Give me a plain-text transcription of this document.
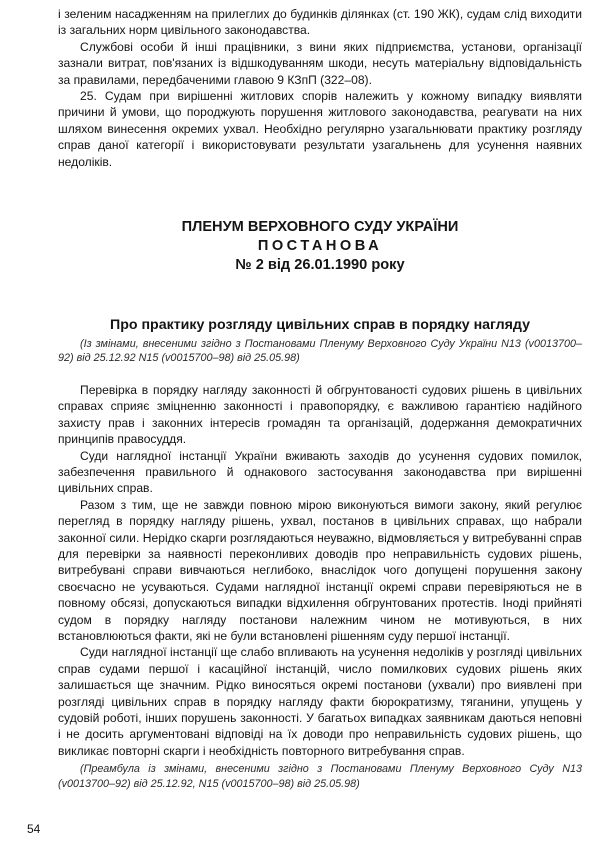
і зеленим насадженням на прилеглих до будинків ділянках (ст. 190 ЖК), судам слід виходити із загальних норм цивільного законодавства.

Службові особи й інші працівники, з вини яких підприємства, установи, організації зазнали витрат, пов'язаних із відшкодуванням шкоди, несуть матеріальну відповідальність за правилами, передбаченими главою 9 КЗпП (322–08).

25. Судам при вирішенні житлових спорів належить у кожному випадку виявляти причини й умови, що породжують порушення житлового законодавства, реагувати на них шляхом винесення окремих ухвал. Необхідно регулярно узагальнювати практику розгляду справ даної категорії і використовувати результати узагальнень для усунення наявних недоліків.

ПЛЕНУМ ВЕРХОВНОГО СУДУ УКРАЇНИ
ПОСТАНОВА
№ 2 від 26.01.1990 року
Про практику розгляду цивільних справ в порядку нагляду

(Із змінами, внесеними згідно з Постановами Пленуму Верховного Суду України N13 (v0013700–92) від 25.12.92 N15 (v0015700–98) від 25.05.98)

Перевірка в порядку нагляду законності й обгрунтованості судових рішень в цивільних справах сприяє зміцненню законності і правопорядку, є важливою гарантією надійного захисту прав і законних інтересів громадян та організацій, додержання демократичних принципів правосуддя.

Суди наглядної інстанції України вживають заходів до усунення судових помилок, забезпечення правильного й однакового застосування законодавства при вирішенні цивільних справ.

Разом з тим, ще не завжди повною мірою виконуються вимоги закону, який регулює перегляд в порядку нагляду рішень, ухвал, постанов в цивільних справах, що набрали законної сили. Нерідко скарги розглядаються неуважно, відмовляється у витребуванні справ для перевірки за наявності переконливих доводів про неправильність судових рішень, витребувані справи вивчаються неглибоко, внаслідок чого допущені порушення закону своєчасно не усуваються. Судами наглядної інстанції окремі справи перевіряються не в повному обсязі, допускаються випадки відхилення обгрунтованих протестів. Іноді прийняті судом в порядку нагляду постанови належним чином не мотивуються, в них встановлюються факти, які не були встановлені рішенням суду першої інстанції.

Суди наглядної інстанції ще слабо впливають на усунення недоліків у розгляді цивільних справ судами першої і касаційної інстанцій, число помилкових судових рішень яких залишається ще значним. Рідко виносяться окремі постанови (ухвали) про виявлені при розгляді цивільних справ в порядку нагляду факти бюрократизму, тяганини, упущень у судовій роботі, інших порушень законності. У багатьох випадках заявникам даються неповні і не досить аргументовані відповіді на їх доводи про неправильність судових рішень, що викликає повторні скарги і необхідність повторного витребування справ.

(Преамбула із змінами, внесеними згідно з Постановами Пленуму Верховного Суду N13 (v0013700–92) від 25.12.92, N15 (v0015700–98) від 25.05.98)

54
